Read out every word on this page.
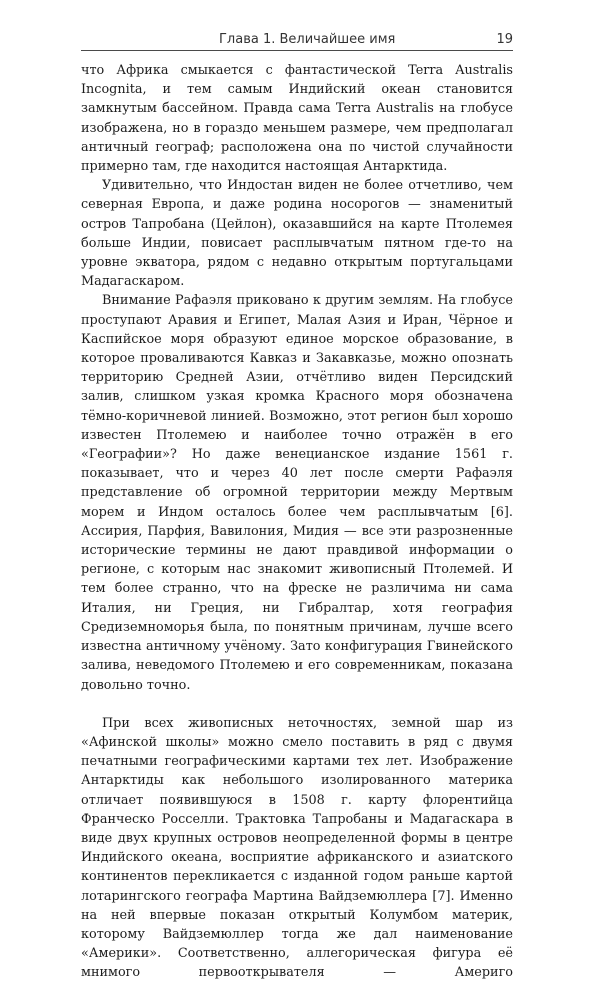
Глава 1. Величайшее имя	19

что Африка смыкается с фантастической Terra Australis Incognita, и тем самым Индийский океан становится замкнутым бассейном. Правда сама Terra Australis на глобусе изображена, но в гораздо меньшем размере, чем предполагал античный географ; расположена она по чистой случайности примерно там, где находится настоящая Антарктида.

Удивительно, что Индостан виден не более отчетливо, чем северная Европа, и даже родина носорогов — знаменитый остров Тапробана (Цейлон), оказавшийся на карте Птолемея больше Индии, повисает расплывчатым пятном где-то на уровне экватора, рядом с недавно открытым португальцами Мадагаскаром.

Внимание Рафаэля приковано к другим землям. На глобусе проступают Аравия и Египет, Малая Азия и Иран, Чёрное и Каспийское моря образуют единое морское образование, в которое проваливаются Кавказ и Закавказье, можно опознать территорию Средней Азии, отчётливо виден Персидский залив, слишком узкая кромка Красного моря обозначена тёмно-коричневой линией. Возможно, этот регион был хорошо известен Птолемею и наиболее точно отражён в его «Географии»? Но даже венецианское издание 1561 г. показывает, что и через 40 лет после смерти Рафаэля представление об огромной территории между Мертвым морем и Индом осталось более чем расплывчатым [6]. Ассирия, Парфия, Вавилония, Мидия — все эти разрозненные исторические термины не дают правдивой информации о регионе, с которым нас знакомит живописный Птолемей. И тем более странно, что на фреске не различима ни сама Италия, ни Греция, ни Гибралтар, хотя география Средиземноморья была, по понятным причинам, лучше всего известна античному учёному. Зато конфигурация Гвинейского залива, неведомого Птолемею и его современникам, показана довольно точно.

При всех живописных неточностях, земной шар из «Афинской школы» можно смело поставить в ряд с двумя печатными географическими картами тех лет. Изображение Антарктиды как небольшого изолированного материка отличает появившуюся в 1508 г. карту флорентийца Франческо Росселли. Трактовка Тапробаны и Мадагаскара в виде двух крупных островов неопределенной формы в центре Индийского океана, восприятие африканского и азиатского континентов перекликается с изданной годом раньше картой лотарингского географа Мартина Вайдземюллера [7]. Именно на ней впервые показан открытый Колумбом материк, которому Вайдземюллер тогда же дал наименование «Америки». Соответственно, аллегорическая фигура её мнимого первооткрывателя — Америго
